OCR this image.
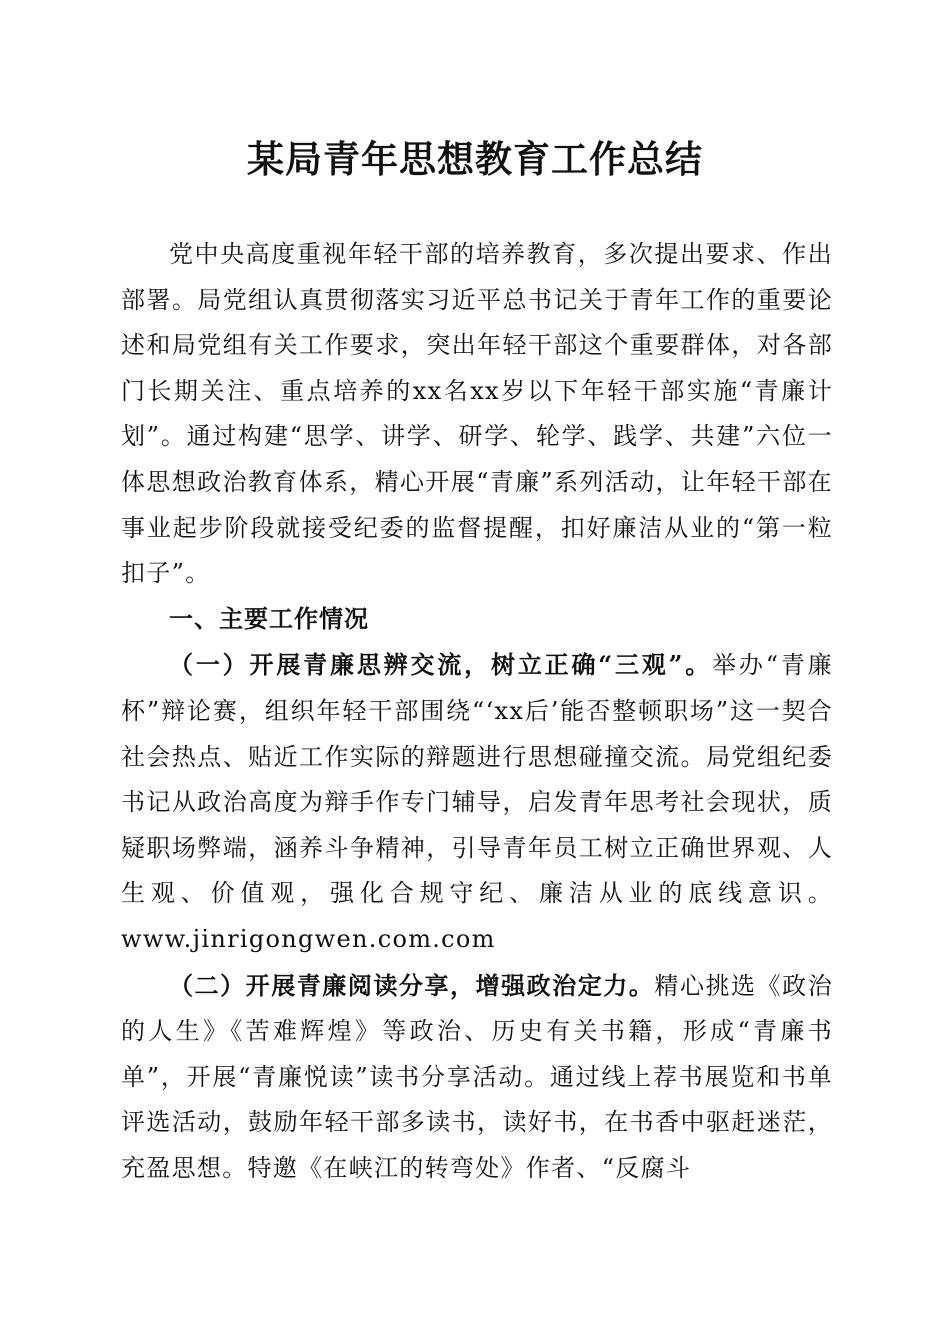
某局青年思想教育工作总结

党中央高度重视年轻干部的培养教育，多次提出要求、作出部署。局党组认真贯彻落实习近平总书记关于青年工作的重要论述和局党组有关工作要求，突出年轻干部这个重要群体，对各部门长期关注、重点培养的xx名xx岁以下年轻干部实施“青廉计划”。通过构建“思学、讲学、研学、轮学、践学、共建”六位一体思想政治教育体系，精心开展“青廉”系列活动，让年轻干部在事业起步阶段就接受纪委的监督提醒，扣好廉洁从业的“第一粒扣子”。

一、主要工作情况

（一）开展青廉思辨交流，树立正确“三观”。举办“青廉杯”辩论赛，组织年轻干部围绕“‘xx后’能否整顿职场”这一契合社会热点、贴近工作实际的辩题进行思想碰撞交流。局党组纪委书记从政治高度为辩手作专门辅导，启发青年思考社会现状，质疑职场弊端，涵养斗争精神，引导青年员工树立正确世界观、人生观、价值观，强化合规守纪、廉洁从业的底线意识。www.jinrigongwen.com.com

（二）开展青廉阅读分享，增强政治定力。精心挑选《政治的人生》《苦难辉煌》等政治、历史有关书籍，形成“青廉书单”，开展“青廉悦读”读书分享活动。通过线上荐书展览和书单评选活动，鼓励年轻干部多读书，读好书，在书香中驱赶迷茫，充盈思想。特邀《在峡江的转弯处》作者、“反腐斗
